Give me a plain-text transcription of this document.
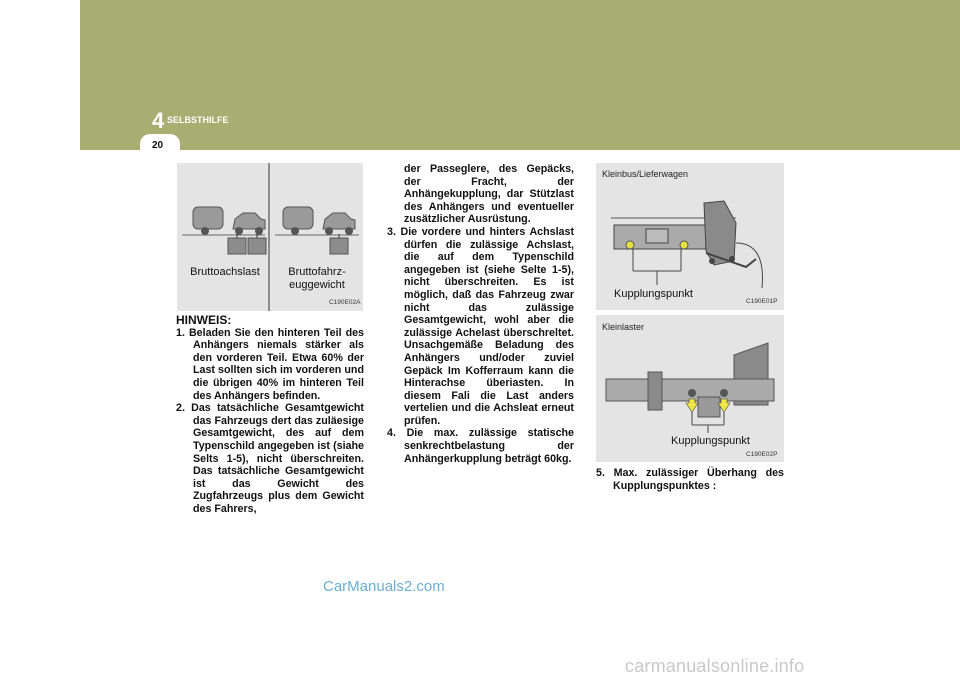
4 SELBSTHILFE
20
Bruttoachslast	Bruttofahrz-
euggewicht
C190E02A
Kleinbus/Lieferwagen
Kupplungspunkt
C190E01P
Kleinlaster
Kupplungspunkt
C190E02P

HINWEIS:

1. Beladen Sie den hinteren Teil des Anhängers niemals stärker als den vorderen Teil. Etwa 60% der Last sollten sich im vorderen und die übrigen 40% im hinteren Teil des Anhängers befinden.

2. Das tatsächliche Gesamtgewicht das Fahrzeugs dert das zuläesige Gesamtgewicht, des auf dem Typenschild angegeben ist (siahe Selts 1-5), nicht überschreiten. Das tatsächliche Gesamtgewicht ist das Gewicht des Zugfahrzeugs plus dem Gewicht des Fahrers,

der Passeglere, des Gepäcks, der Fracht, der Anhängekupplung, dar Stützlast des Anhängers und eventueller zusätzlicher Ausrüstung.

3. Die vordere und hinters Achslast dürfen die zulässige Achslast, die auf dem Typenschild angegeben ist (siehe Selte 1-5), nicht überschreiten. Es ist möglich, daß das Fahrzeug zwar nicht das zulässige Gesamtgewicht, wohl aber die zulässige Achelast überschreltet. Unsachgemäße Beladung des Anhängers und/oder zuviel Gepäck Im Kofferraum kann die Hinterachse überiasten. In diesem Fali die Last anders vertelien und die Achsleat erneut prüfen.

4. Die max. zulässige statische senkrechtbelastung der Anhängerkupplung beträgt 60kg.

5. Max. zulässiger Überhang des Kupplungspunktes :

CarManuals2.com
carmanualsonline.info
